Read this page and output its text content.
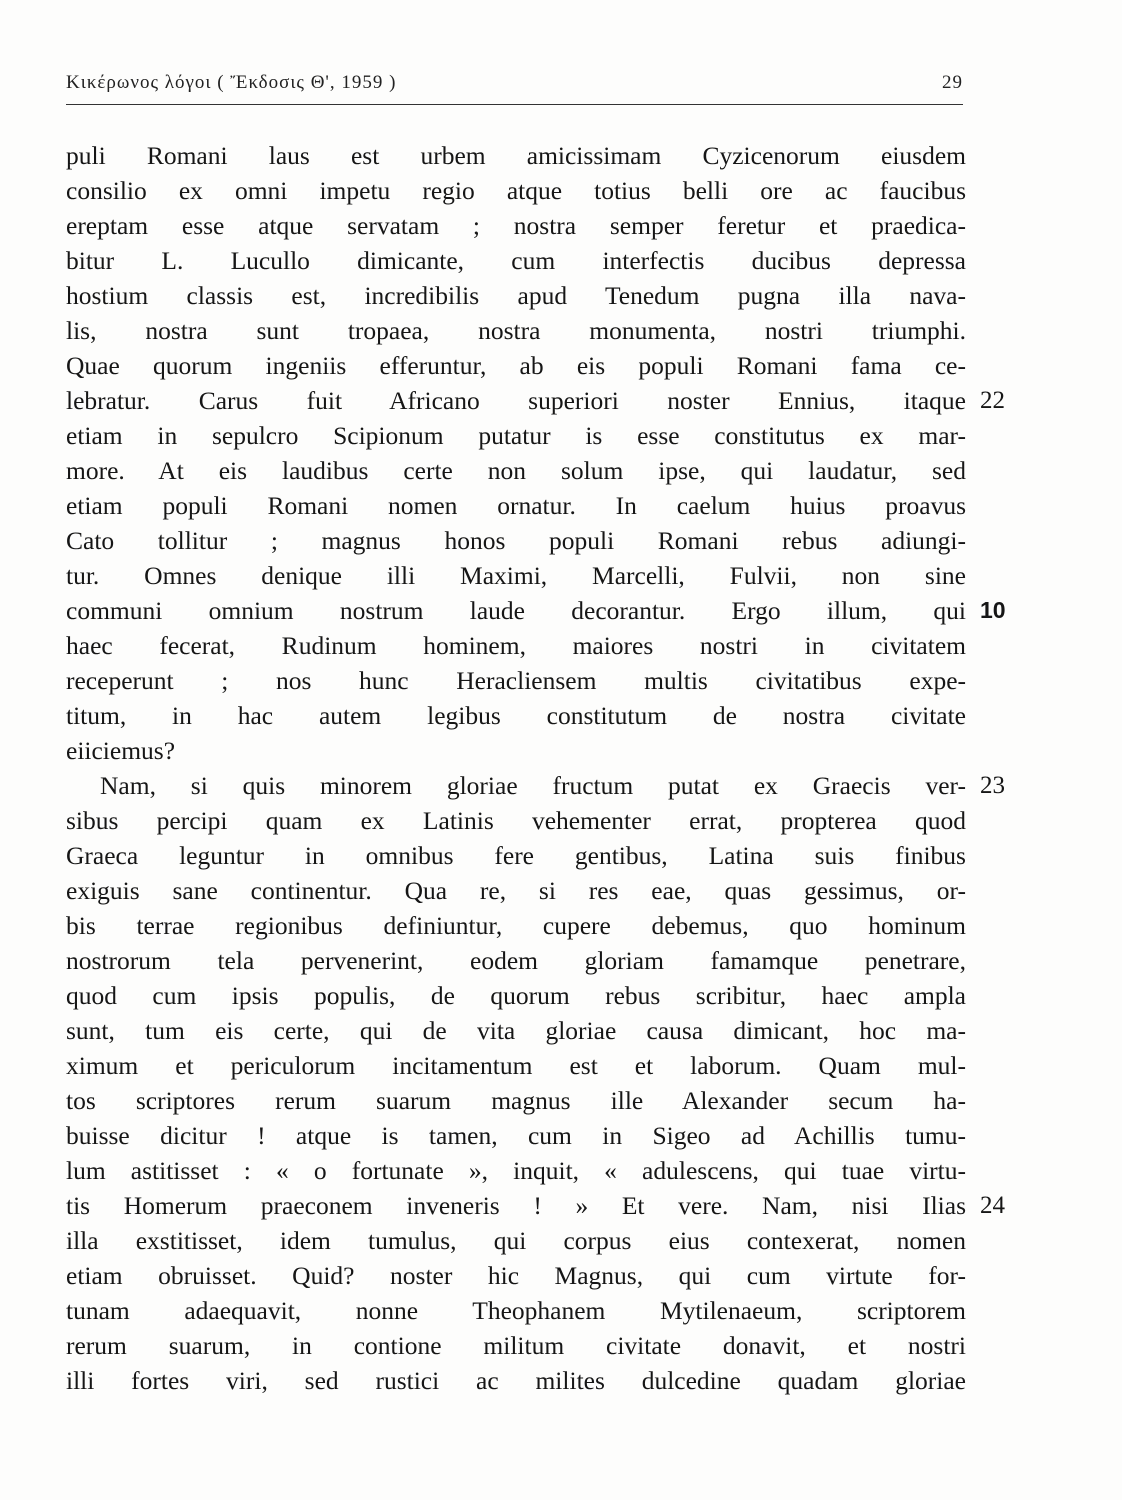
Κικέρωνος λόγοι ( Ἔκδοσις Θ', 1959 )	29
puli Romani laus est urbem amicissimam Cyzicenorum eiusdem
consilio ex omni impetu regio atque totius belli ore ac faucibus
ereptam esse atque servatam ; nostra semper feretur et praedica-
bitur L. Lucullo dimicante, cum interfectis ducibus depressa
hostium classis est, incredibilis apud Tenedum pugna illa nava-
lis, nostra sunt tropaea, nostra monumenta, nostri triumphi.
Quae quorum ingeniis efferuntur, ab eis populi Romani fama ce-
lebratur. Carus fuit Africano superiori noster Ennius, itaque
etiam in sepulcro Scipionum putatur is esse constitutus ex mar-
more. At eis laudibus certe non solum ipse, qui laudatur, sed
etiam populi Romani nomen ornatur. In caelum huius proavus
Cato tollitur ; magnus honos populi Romani rebus adiungi-
tur. Omnes denique illi Maximi, Marcelli, Fulvii, non sine
communi omnium nostrum laude decorantur. Ergo illum, qui
haec fecerat, Rudinum hominem, maiores nostri in civitatem
receperunt ; nos hunc Heracliensem multis civitatibus expe-
titum, in hac autem legibus constitutum de nostra civitate
eiiciemus?
Nam, si quis minorem gloriae fructum putat ex Graecis ver-
sibus percipi quam ex Latinis vehementer errat, propterea quod
Graeca leguntur in omnibus fere gentibus, Latina suis finibus
exiguis sane continentur. Qua re, si res eae, quas gessimus, or-
bis terrae regionibus definiuntur, cupere debemus, quo hominum
nostrorum tela pervenerint, eodem gloriam famamque penetrare,
quod cum ipsis populis, de quorum rebus scribitur, haec ampla
sunt, tum eis certe, qui de vita gloriae causa dimicant, hoc ma-
ximum et periculorum incitamentum est et laborum. Quam mul-
tos scriptores rerum suarum magnus ille Alexander secum ha-
buisse dicitur ! atque is tamen, cum in Sigeo ad Achillis tumu-
lum astitisset : « o fortunate », inquit, « adulescens, qui tuae virtu-
tis Homerum praeconem inveneris ! » Et vere. Nam, nisi Ilias
illa exstitisset, idem tumulus, qui corpus eius contexerat, nomen
etiam obruisset. Quid? noster hic Magnus, qui cum virtute for-
tunam adaequavit, nonne Theophanem Mytilenaeum, scriptorem
rerum suarum, in contione militum civitate donavit, et nostri
illi fortes viri, sed rustici ac milites dulcedine quadam gloriae
22
10
23
24
